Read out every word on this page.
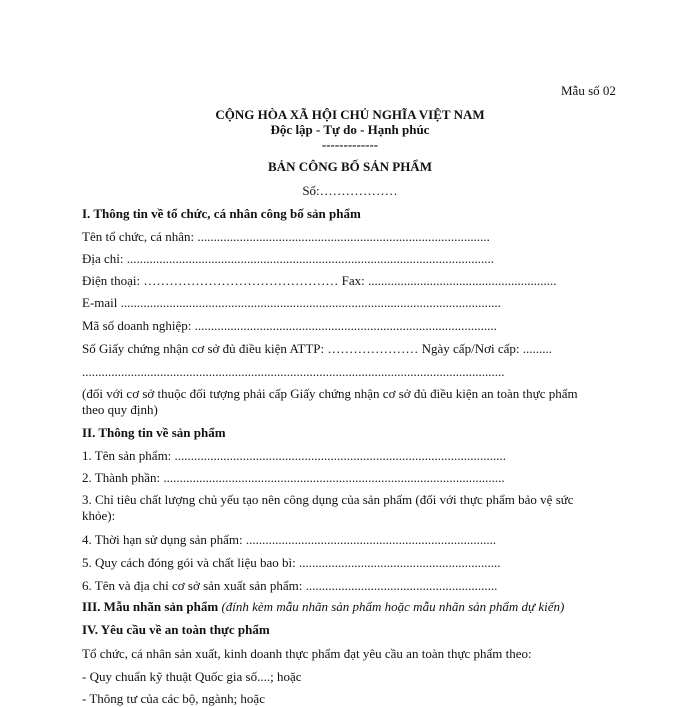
Mẫu số 02
CỘNG HÒA XÃ HỘI CHỦ NGHĨA VIỆT NAM
Độc lập - Tự do - Hạnh phúc
-------------
BẢN CÔNG BỐ SẢN PHẨM
Số:………………
I. Thông tin về tổ chức, cá nhân công bố sản phẩm
Tên tổ chức, cá nhân: ..........................................................................................
Địa chỉ: .................................................................................................................
Điện thoại: ……………………………………… Fax: ..........................................................
E-mail .....................................................................................................................
Mã số doanh nghiệp: .............................................................................................
Số Giấy chứng nhận cơ sở đủ điều kiện ATTP: ………………… Ngày cấp/Nơi cấp: .........
..................................................................................................................................
(đối với cơ sở thuộc đối tượng phải cấp Giấy chứng nhận cơ sở đủ điều kiện an toàn thực phẩm
theo quy định)
II. Thông tin về sản phẩm
1. Tên sản phẩm: ......................................................................................................
2. Thành phần: .........................................................................................................
3. Chỉ tiêu chất lượng chủ yếu tạo nên công dụng của sản phẩm (đối với thực phẩm bảo vệ sức
khỏe):
4. Thời hạn sử dụng sản phẩm: .............................................................................
5. Quy cách đóng gói và chất liệu bao bì: ..............................................................
6. Tên và địa chỉ cơ sở sản xuất sản phẩm: ...........................................................
III. Mẫu nhãn sản phẩm (đính kèm mẫu nhãn sản phẩm hoặc mẫu nhãn sản phẩm dự kiến)
IV. Yêu cầu về an toàn thực phẩm
Tổ chức, cá nhân sản xuất, kinh doanh thực phẩm đạt yêu cầu an toàn thực phẩm theo:
- Quy chuẩn kỹ thuật Quốc gia số....; hoặc
- Thông tư của các bộ, ngành; hoặc
